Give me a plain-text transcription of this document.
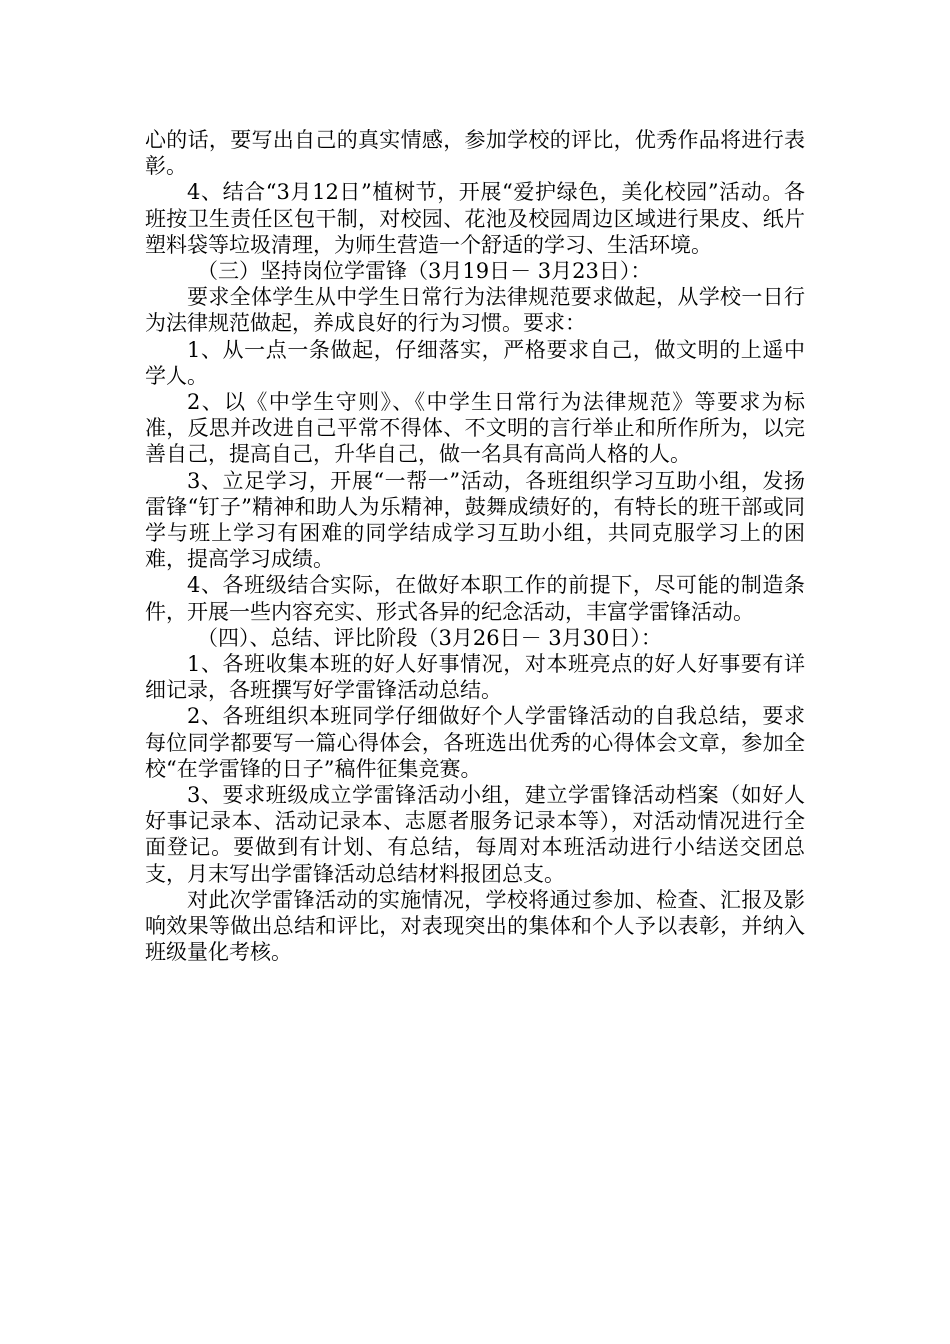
心的话，要写出自己的真实情感，参加学校的评比，优秀作品将进行表彰。

4、结合“3月12日”植树节，开展“爱护绿色，美化校园”活动。各班按卫生责任区包干制，对校园、花池及校园周边区域进行果皮、纸片塑料袋等垃圾清理，为师生营造一个舒适的学习、生活环境。

（三）坚持岗位学雷锋（3月19日－ 3月23日）：

要求全体学生从中学生日常行为法律规范要求做起，从学校一日行为法律规范做起，养成良好的行为习惯。要求：

1、从一点一条做起，仔细落实，严格要求自己，做文明的上遥中学人。

2、以《中学生守则》、《中学生日常行为法律规范》等要求为标准，反思并改进自己平常不得体、不文明的言行举止和所作所为，以完善自己，提高自己，升华自己，做一名具有高尚人格的人。

3、立足学习，开展“一帮一”活动，各班组织学习互助小组，发扬雷锋“钉子”精神和助人为乐精神，鼓舞成绩好的，有特长的班干部或同学与班上学习有困难的同学结成学习互助小组，共同克服学习上的困难，提高学习成绩。

4、各班级结合实际，在做好本职工作的前提下，尽可能的制造条件，开展一些内容充实、形式各异的纪念活动，丰富学雷锋活动。

（四）、总结、评比阶段（3月26日－ 3月30日）：

1、各班收集本班的好人好事情况，对本班亮点的好人好事要有详细记录，各班撰写好学雷锋活动总结。

2、各班组织本班同学仔细做好个人学雷锋活动的自我总结，要求每位同学都要写一篇心得体会，各班选出优秀的心得体会文章，参加全校“在学雷锋的日子”稿件征集竞赛。

3、要求班级成立学雷锋活动小组，建立学雷锋活动档案（如好人好事记录本、活动记录本、志愿者服务记录本等），对活动情况进行全面登记。要做到有计划、有总结，每周对本班活动进行小结送交团总支，月末写出学雷锋活动总结材料报团总支。

对此次学雷锋活动的实施情况，学校将通过参加、检查、汇报及影响效果等做出总结和评比，对表现突出的集体和个人予以表彰，并纳入班级量化考核。
